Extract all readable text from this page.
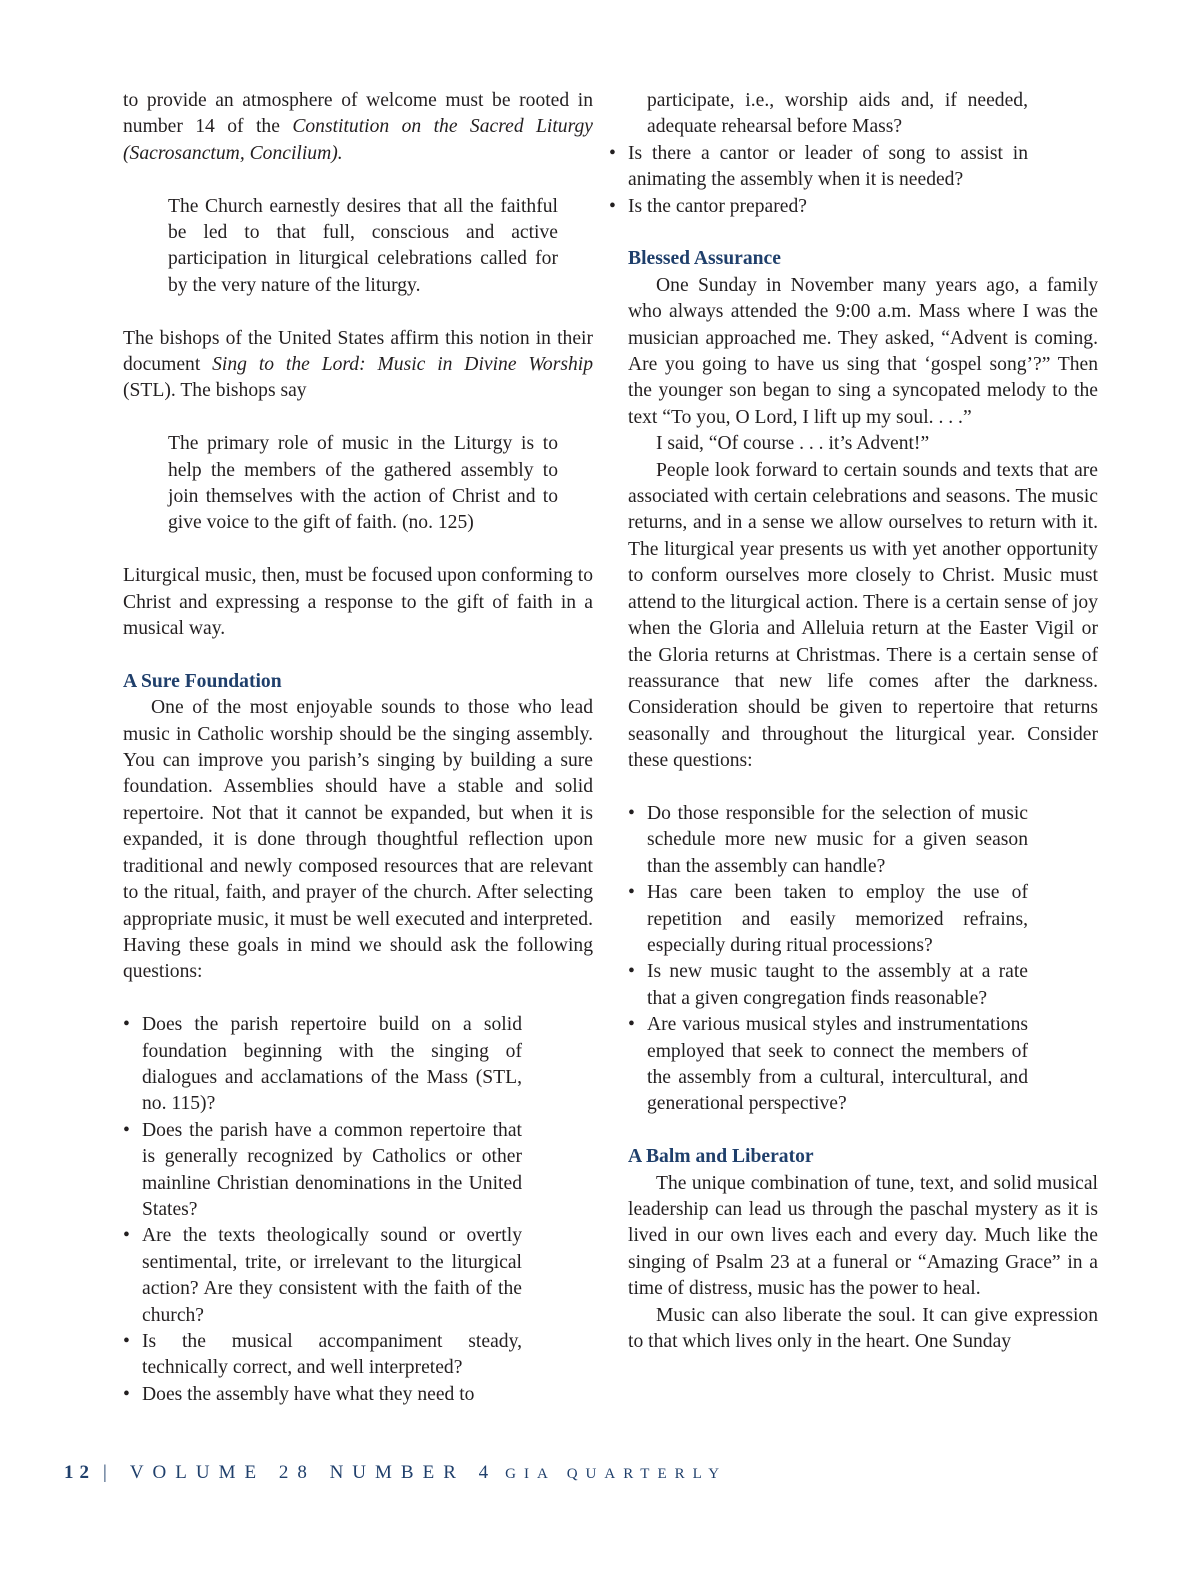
to provide an atmosphere of welcome must be rooted in number 14 of the Constitution on the Sacred Liturgy (Sacrosanctum, Concilium).

The Church earnestly desires that all the faithful be led to that full, conscious and active participation in liturgical celebrations called for by the very nature of the liturgy.

The bishops of the United States affirm this notion in their document Sing to the Lord: Music in Divine Worship (STL). The bishops say

The primary role of music in the Liturgy is to help the members of the gathered assembly to join themselves with the action of Christ and to give voice to the gift of faith. (no. 125)

Liturgical music, then, must be focused upon conforming to Christ and expressing a response to the gift of faith in a musical way.

A Sure Foundation

One of the most enjoyable sounds to those who lead music in Catholic worship should be the singing assembly. You can improve you parish’s singing by building a sure foundation. Assemblies should have a stable and solid repertoire. Not that it cannot be expanded, but when it is expanded, it is done through thoughtful reflection upon traditional and newly composed resources that are relevant to the ritual, faith, and prayer of the church. After selecting appropriate music, it must be well executed and interpreted. Having these goals in mind we should ask the following questions:

• Does the parish repertoire build on a solid foundation beginning with the singing of dialogues and acclamations of the Mass (STL, no. 115)?
• Does the parish have a common repertoire that is generally recognized by Catholics or other mainline Christian denominations in the United States?
• Are the texts theologically sound or overtly sentimental, trite, or irrelevant to the liturgical action? Are they consistent with the faith of the church?
• Is the musical accompaniment steady, technically correct, and well interpreted?
• Does the assembly have what they need to
participate, i.e., worship aids and, if needed, adequate rehearsal before Mass?
• Is there a cantor or leader of song to assist in animating the assembly when it is needed?
• Is the cantor prepared?
Blessed Assurance

One Sunday in November many years ago, a family who always attended the 9:00 a.m. Mass where I was the musician approached me. They asked, “Advent is coming. Are you going to have us sing that ‘gospel song’?” Then the younger son began to sing a syncopated melody to the text “To you, O Lord, I lift up my soul. . . .”

I said, “Of course . . . it’s Advent!”

People look forward to certain sounds and texts that are associated with certain celebrations and seasons. The music returns, and in a sense we allow ourselves to return with it. The liturgical year presents us with yet another opportunity to conform ourselves more closely to Christ. Music must attend to the liturgical action. There is a certain sense of joy when the Gloria and Alleluia return at the Easter Vigil or the Gloria returns at Christmas. There is a certain sense of reassurance that new life comes after the darkness. Consideration should be given to repertoire that returns seasonally and throughout the liturgical year. Consider these questions:

• Do those responsible for the selection of music schedule more new music for a given season than the assembly can handle?
• Has care been taken to employ the use of repetition and easily memorized refrains, especially during ritual processions?
• Is new music taught to the assembly at a rate that a given congregation finds reasonable?
• Are various musical styles and instrumentations employed that seek to connect the members of the assembly from a cultural, intercultural, and generational perspective?
A Balm and Liberator

The unique combination of tune, text, and solid musical leadership can lead us through the paschal mystery as it is lived in our own lives each and every day. Much like the singing of Psalm 23 at a funeral or “Amazing Grace” in a time of distress, music has the power to heal.

Music can also liberate the soul. It can give expression to that which lives only in the heart. One Sunday

12 | VOLUME 28 NUMBER 4 GIA QUARTERLY
